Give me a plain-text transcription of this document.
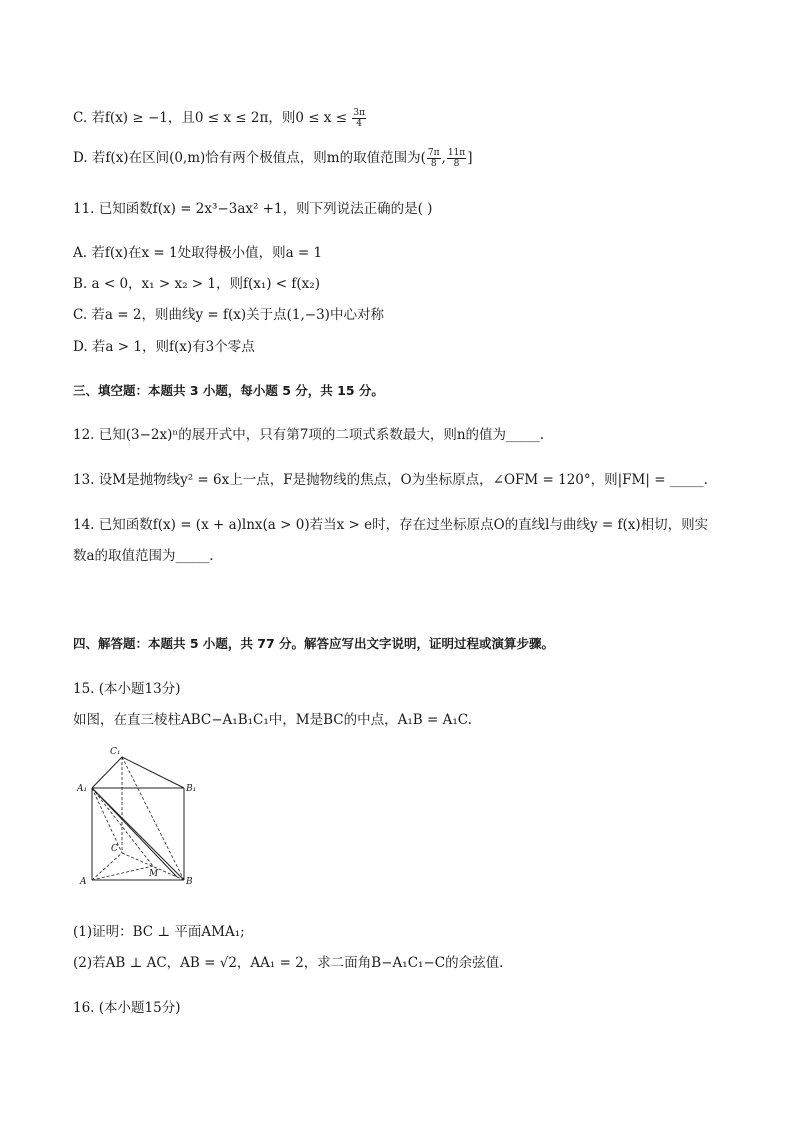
C. 若f(x) ≥ −1，且0 ≤ x ≤ 2π，则$0 \le x \le \frac{3\pi}{4}$
D. 若f(x)在区间(0,m)恰有两个极值点，则m的取值范围为( $\frac{7\pi}{8}$ , $\frac{11\pi}{8}$ ]
11. 已知函数f(x) = 2x³−3ax² +1，则下列说法正确的是( )
A. 若f(x)在x = 1处取得极小值，则a = 1
B. a < 0，x₁ > x₂ > 1，则f(x₁) < f(x₂)
C. 若a = 2，则曲线y = f(x)关于点(1,−3)中心对称
D. 若a > 1，则f(x)有3个零点
三、填空题：本题共 3 小题，每小题 5 分，共 15 分。
12. 已知(3−2x)ⁿ的展开式中，只有第7项的二项式系数最大，则n的值为_____.
13. 设M是抛物线y² = 6x上一点，F是抛物线的焦点，O为坐标原点，∠OFM = 120°，则|FM| = _____.
14. 已知函数f(x) = (x + a)lnx(a > 0)若当x > e时，存在过坐标原点O的直线l与曲线y = f(x)相切，则实
数a的取值范围为_____.
四、解答题：本题共 5 小题，共 77 分。解答应写出文字说明，证明过程或演算步骤。
15. (本小题13分)
如图，在直三棱柱ABC−A₁B₁C₁中，M是BC的中点，A₁B = A₁C.
C₁
A₁	B₁
C
A
M
B
(1)证明：BC ⊥ 平面AMA₁;
(2)若AB ⊥ AC，AB = √2，AA₁ = 2，求二面角B−A₁C₁−C的余弦值.
16. (本小题15分)
